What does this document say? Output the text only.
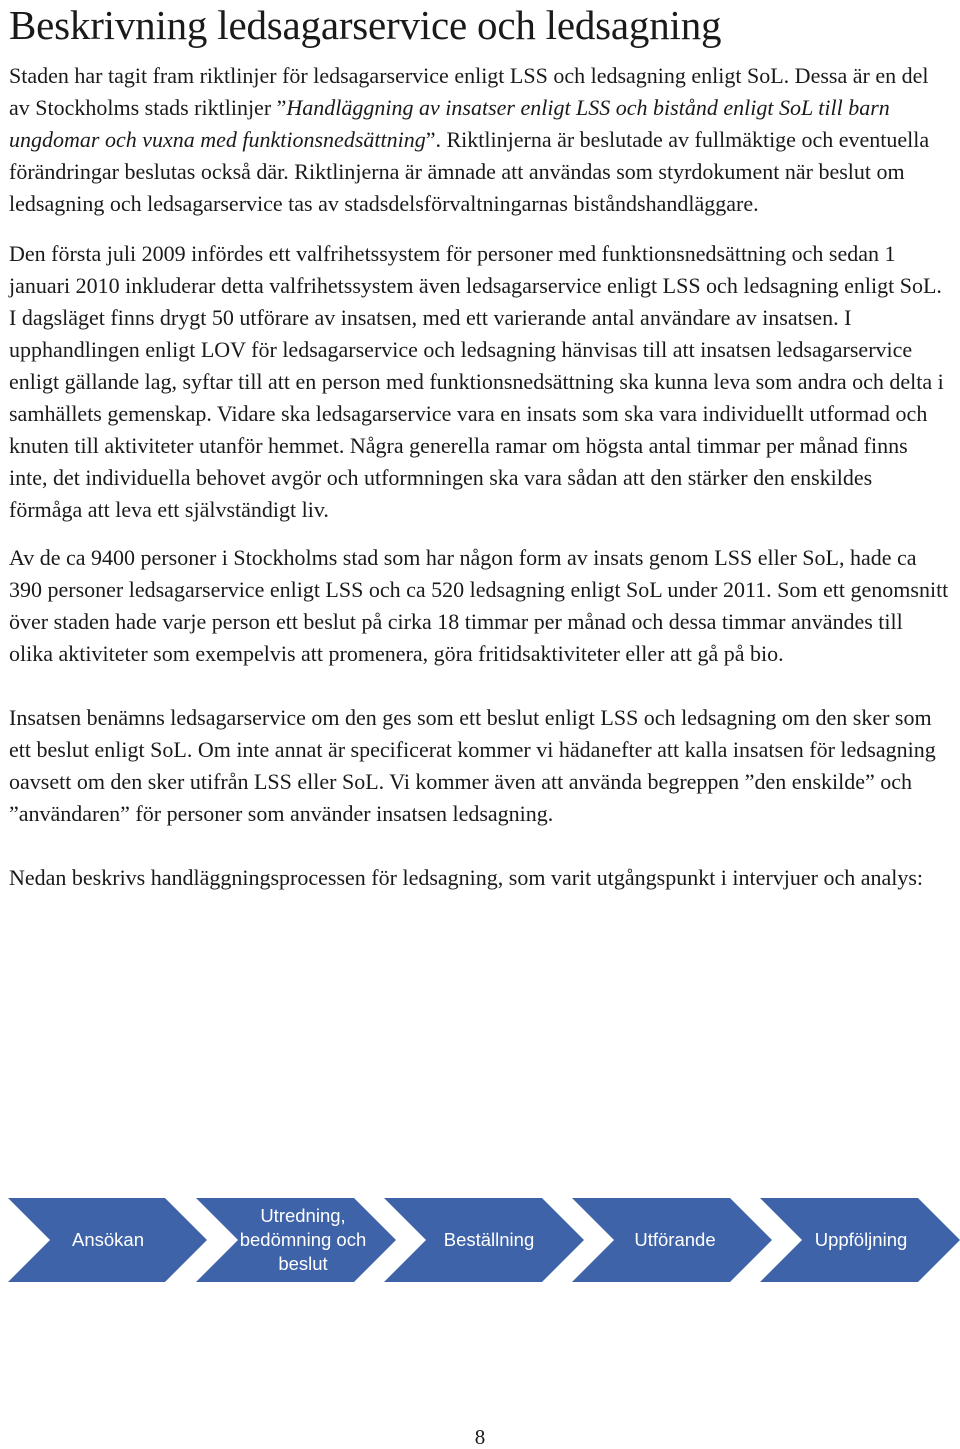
Beskrivning ledsagarservice och ledsagning

Staden har tagit fram riktlinjer för ledsagarservice enligt LSS och ledsagning enligt SoL. Dessa är en del av Stockholms stads riktlinjer ”Handläggning av insatser enligt LSS och bistånd enligt SoL till barn ungdomar och vuxna med funktionsnedsättning”. Riktlinjerna är beslutade av fullmäktige och eventuella förändringar beslutas också där. Riktlinjerna är ämnade att användas som styrdokument när beslut om ledsagning och ledsagarservice tas av stadsdelsförvaltningarnas biståndshandläggare.

Den första juli 2009 infördes ett valfrihetssystem för personer med funktionsnedsättning och sedan 1 januari 2010 inkluderar detta valfrihetssystem även ledsagarservice enligt LSS och ledsagning enligt SoL. I dagsläget finns drygt 50 utförare av insatsen, med ett varierande antal användare av insatsen. I upphandlingen enligt LOV för ledsagarservice och ledsagning hänvisas till att insatsen ledsagarservice enligt gällande lag, syftar till att en person med funktionsnedsättning ska kunna leva som andra och delta i samhällets gemenskap. Vidare ska ledsagarservice vara en insats som ska vara individuellt utformad och knuten till aktiviteter utanför hemmet. Några generella ramar om högsta antal timmar per månad finns inte, det individuella behovet avgör och utformningen ska vara sådan att den stärker den enskildes förmåga att leva ett självständigt liv.

Av de ca 9400 personer i Stockholms stad som har någon form av insats genom LSS eller SoL, hade ca 390 personer ledsagarservice enligt LSS och ca 520 ledsagning enligt SoL under 2011. Som ett genomsnitt över staden hade varje person ett beslut på cirka 18 timmar per månad och dessa timmar användes till olika aktiviteter som exempelvis att promenera, göra fritidsaktiviteter eller att gå på bio.

Insatsen benämns ledsagarservice om den ges som ett beslut enligt LSS och ledsagning om den sker som ett beslut enligt SoL. Om inte annat är specificerat kommer vi hädanefter att kalla insatsen för ledsagning oavsett om den sker utifrån LSS eller SoL. Vi kommer även att använda begreppen ”den enskilde” och ”användaren” för personer som använder insatsen ledsagning.

Nedan beskrivs handläggningsprocessen för ledsagning, som varit utgångspunkt i intervjuer och analys:

Ansökan
Utredning, bedömning och beslut
Beställning	Utförande	Uppföljning
8
